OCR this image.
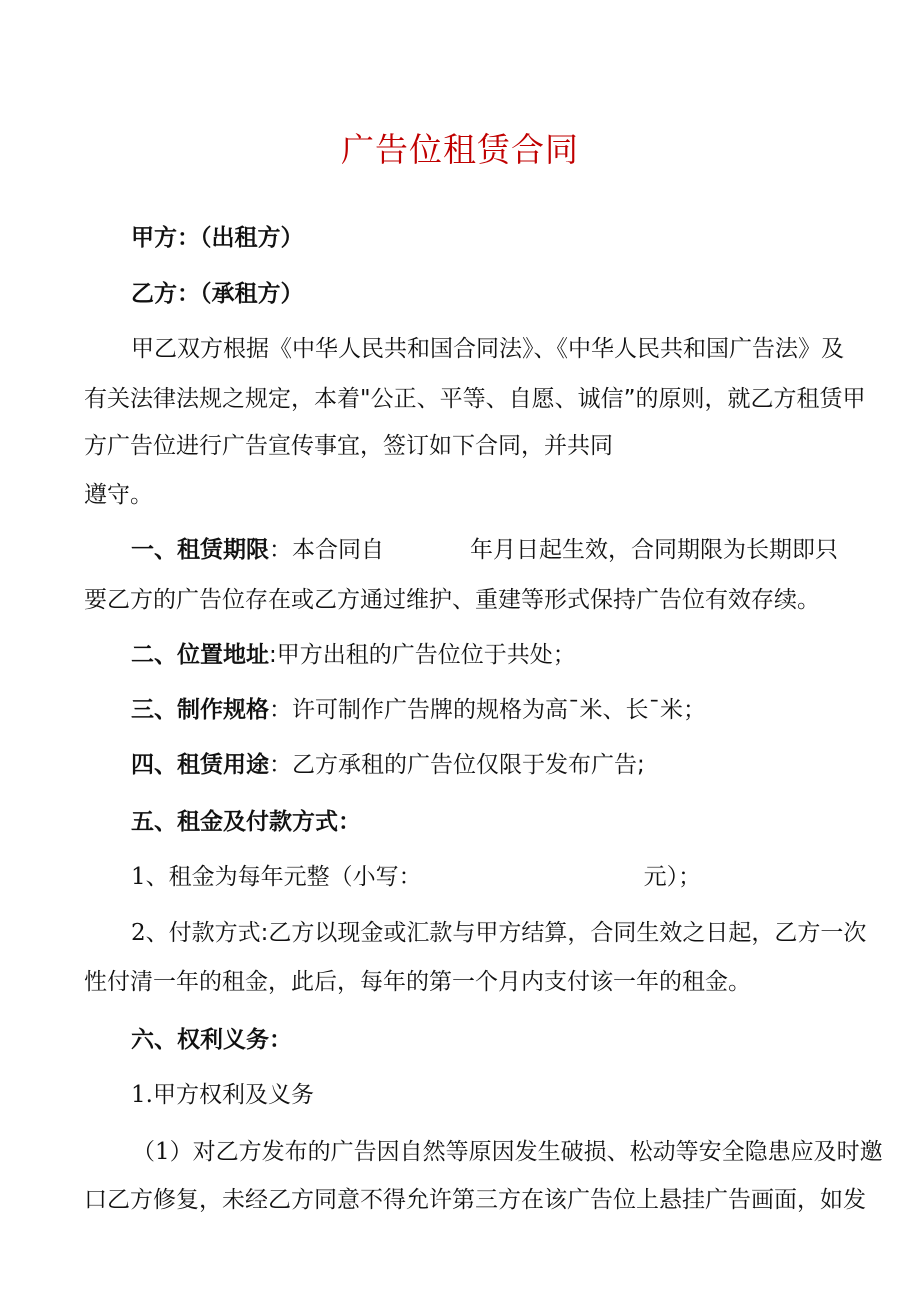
广告位租赁合同
甲方：（出租方）
乙方：（承租方）
甲乙双方根据《中华人民共和国合同法》、《中华人民共和国广告法》及
有关法律法规之规定，本着"公正、平等、自愿、诚信”的原则，就乙方租赁甲
方广告位进行广告宣传事宜，签订如下合同，并共同
遵守。
一、租赁期限：本合同自	年月日起生效，合同期限为长期即只
要乙方的广告位存在或乙方通过维护、重建等形式保持广告位有效存续。
二、位置地址:甲方出租的广告位位于共处；
三、制作规格：许可制作广告牌的规格为高¯米、长¯米；
四、租赁用途：乙方承租的广告位仅限于发布广告;
五、租金及付款方式：
1、租金为每年元整（小写：	元）；
2、付款方式:乙方以现金或汇款与甲方结算，合同生效之日起，乙方一次
性付清一年的租金，此后，每年的第一个月内支付该一年的租金。
六、权利义务：
1.甲方权利及义务
（1）对乙方发布的广告因自然等原因发生破损、松动等安全隐患应及时邀
口乙方修复，未经乙方同意不得允许第三方在该广告位上悬挂广告画面，如发
